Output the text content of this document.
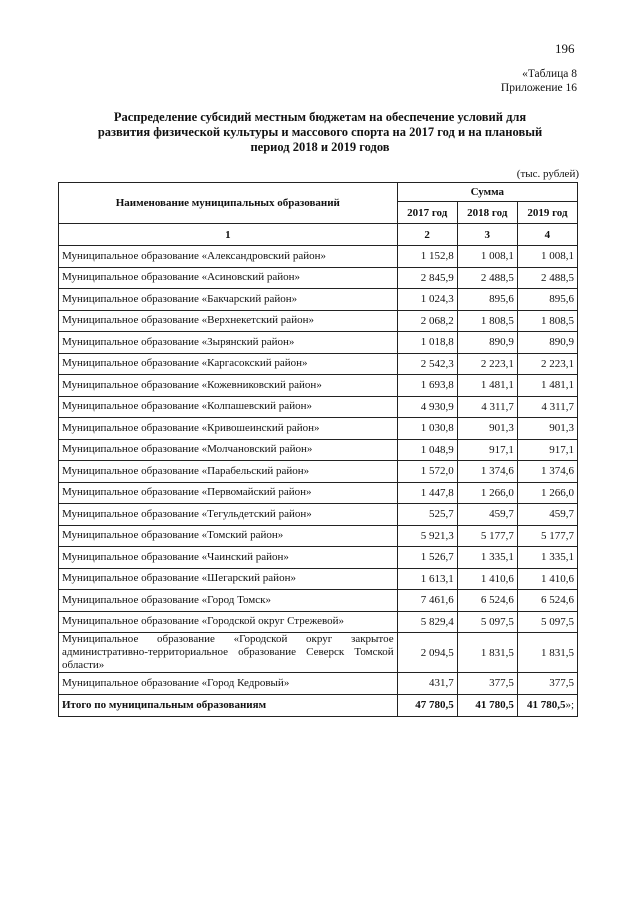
196
«Таблица 8
Приложение 16
Распределение субсидий местным бюджетам на обеспечение условий для
развития физической культуры и массового спорта на 2017 год и на плановый
период 2018 и 2019 годов
(тыс. рублей)
Наименование муниципальных образований	Сумма		
	2017 год	2018 год	2019 год
1	2	3	4
Муниципальное образование «Александровский район»	1 152,8	1 008,1	1 008,1
Муниципальное образование «Асиновский район»	2 845,9	2 488,5	2 488,5
Муниципальное образование «Бакчарский район»	1 024,3	895,6	895,6
Муниципальное образование «Верхнекетский район»	2 068,2	1 808,5	1 808,5
Муниципальное образование «Зырянский район»	1 018,8	890,9	890,9
Муниципальное образование «Каргасокский район»	2 542,3	2 223,1	2 223,1
Муниципальное образование «Кожевниковский район»	1 693,8	1 481,1	1 481,1
Муниципальное образование «Колпашевский район»	4 930,9	4 311,7	4 311,7
Муниципальное образование «Кривошеинский район»	1 030,8	901,3	901,3
Муниципальное образование «Молчановский район»	1 048,9	917,1	917,1
Муниципальное образование «Парабельский район»	1 572,0	1 374,6	1 374,6
Муниципальное образование «Первомайский район»	1 447,8	1 266,0	1 266,0
Муниципальное образование «Тегульдетский район»	525,7	459,7	459,7
Муниципальное образование «Томский район»	5 921,3	5 177,7	5 177,7
Муниципальное образование «Чаинский район»	1 526,7	1 335,1	1 335,1
Муниципальное образование «Шегарский район»	1 613,1	1 410,6	1 410,6
Муниципальное образование «Город Томск»	7 461,6	6 524,6	6 524,6
Муниципальное образование «Городской округ Стрежевой»	5 829,4	5 097,5	5 097,5
Муниципальное образование «Городской округ закрытое административно-территориальное образование Северск Томской области»	2 094,5	1 831,5	1 831,5
Муниципальное образование «Город Кедровый»	431,7	377,5	377,5
Итого по муниципальным образованиям	47 780,5	41 780,5	41 780,5»;
